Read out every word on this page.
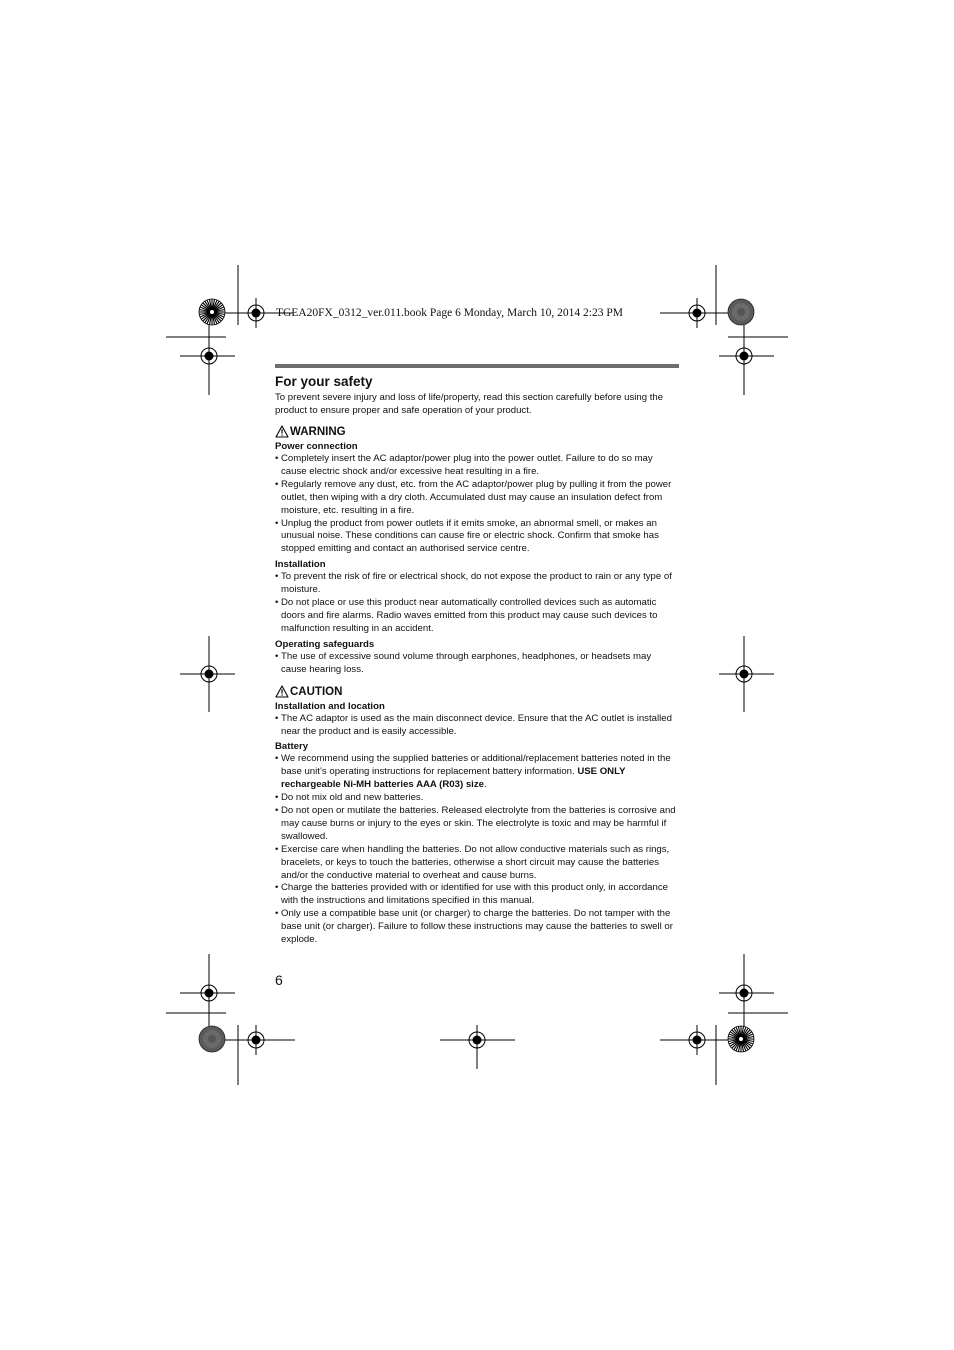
TGEA20FX_0312_ver.011.book Page 6 Monday, March 10, 2014 2:23 PM
For your safety

To prevent severe injury and loss of life/property, read this section carefully before using the product to ensure proper and safe operation of your product.

WARNING
Power connection
• Completely insert the AC adaptor/power plug into the power outlet. Failure to do so may cause electric shock and/or excessive heat resulting in a fire.
• Regularly remove any dust, etc. from the AC adaptor/power plug by pulling it from the power outlet, then wiping with a dry cloth. Accumulated dust may cause an insulation defect from moisture, etc. resulting in a fire.
• Unplug the product from power outlets if it emits smoke, an abnormal smell, or makes an unusual noise. These conditions can cause fire or electric shock. Confirm that smoke has stopped emitting and contact an authorised service centre.
Installation
• To prevent the risk of fire or electrical shock, do not expose the product to rain or any type of moisture.
• Do not place or use this product near automatically controlled devices such as automatic doors and fire alarms. Radio waves emitted from this product may cause such devices to malfunction resulting in an accident.
Operating safeguards
• The use of excessive sound volume through earphones, headphones, or headsets may cause hearing loss.
CAUTION
Installation and location
• The AC adaptor is used as the main disconnect device. Ensure that the AC outlet is installed near the product and is easily accessible.
Battery
• We recommend using the supplied batteries or additional/replacement batteries noted in the base unit’s operating instructions for replacement battery information. USE ONLY rechargeable Ni-MH batteries AAA (R03) size.
• Do not mix old and new batteries.
• Do not open or mutilate the batteries. Released electrolyte from the batteries is corrosive and may cause burns or injury to the eyes or skin. The electrolyte is toxic and may be harmful if swallowed.
• Exercise care when handling the batteries. Do not allow conductive materials such as rings, bracelets, or keys to touch the batteries, otherwise a short circuit may cause the batteries and/or the conductive material to overheat and cause burns.
• Charge the batteries provided with or identified for use with this product only, in accordance with the instructions and limitations specified in this manual.
• Only use a compatible base unit (or charger) to charge the batteries. Do not tamper with the base unit (or charger). Failure to follow these instructions may cause the batteries to swell or explode.
6
